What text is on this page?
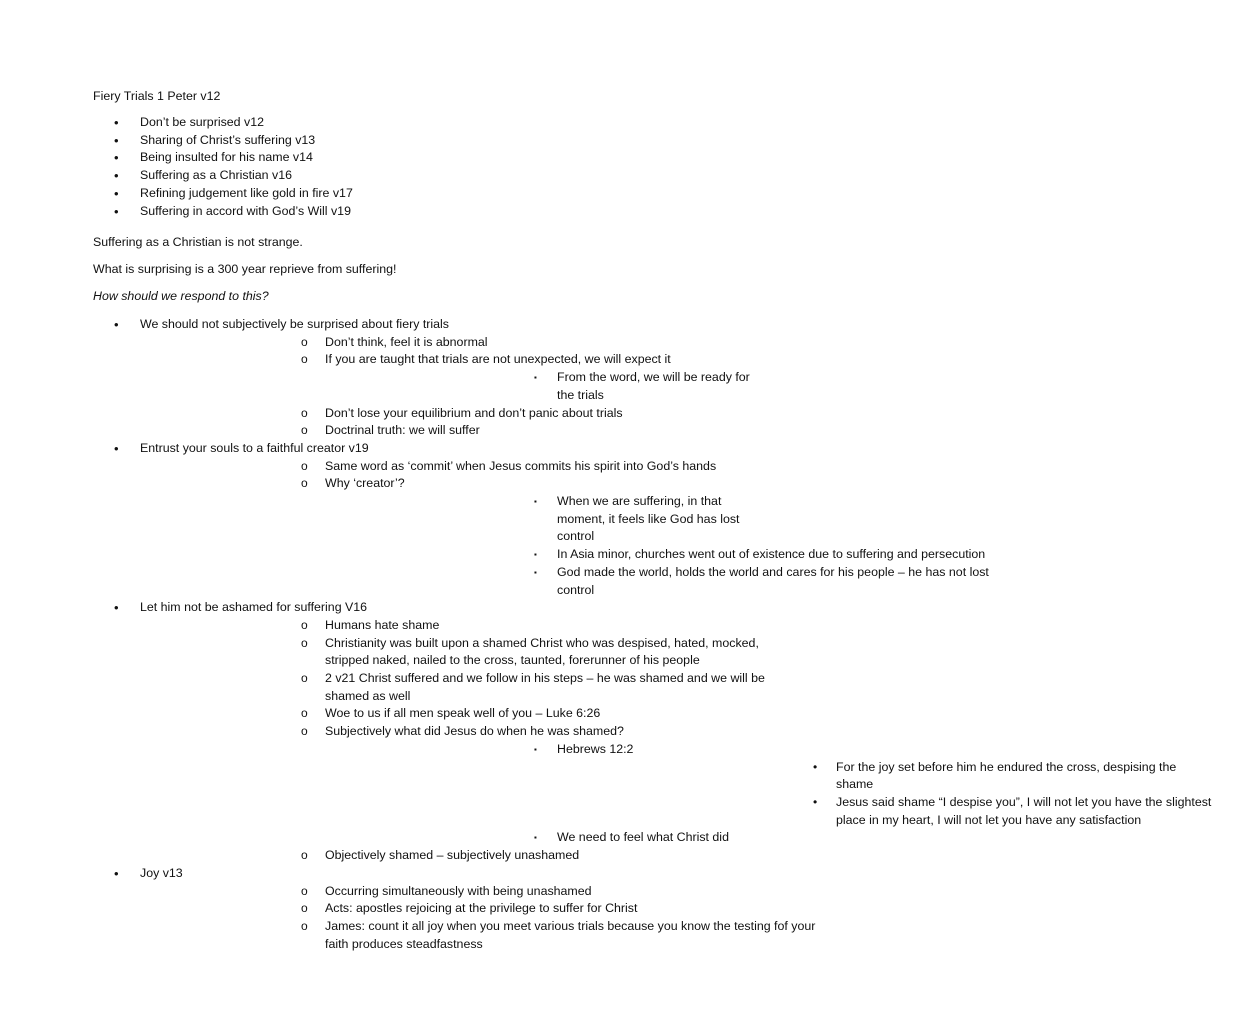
Fiery Trials 1 Peter v12

• Don’t be surprised v12
• Sharing of Christ’s suffering v13
• Being insulted for his name v14
• Suffering as a Christian v16
• Refining judgement like gold in fire v17
• Suffering in accord with God’s Will v19

Suffering as a Christian is not strange.

What is surprising is a 300 year reprieve from suffering!

How should we respond to this?

• We should not subjectively be surprised about fiery trials
o Don’t think, feel it is abnormal
o If you are taught that trials are not unexpected, we will expect it
▪ From the word, we will be ready for the trials
o Don’t lose your equilibrium and don’t panic about trials
o Doctrinal truth: we will suffer
• Entrust your souls to a faithful creator v19
o Same word as ‘commit’ when Jesus commits his spirit into God’s hands
o Why ‘creator’?
▪ When we are suffering, in that moment, it feels like God has lost control
▪ In Asia minor, churches went out of existence due to suffering and persecution
▪ God made the world, holds the world and cares for his people – he has not lost control
• Let him not be ashamed for suffering V16
o Humans hate shame
o Christianity was built upon a shamed Christ who was despised, hated, mocked, stripped naked, nailed to the cross, taunted, forerunner of his people
o 2 v21 Christ suffered and we follow in his steps – he was shamed and we will be shamed as well
o Woe to us if all men speak well of you – Luke 6:26
o Subjectively what did Jesus do when he was shamed?
▪ Hebrews 12:2
• For the joy set before him he endured the cross, despising the shame
• Jesus said shame “I despise you”, I will not let you have the slightest place in my heart, I will not let you have any satisfaction
▪ We need to feel what Christ did
o Objectively shamed – subjectively unashamed
• Joy v13
o Occurring simultaneously with being unashamed
o Acts: apostles rejoicing at the privilege to suffer for Christ
o James: count it all joy when you meet various trials because you know the testing fof your faith produces steadfastness
